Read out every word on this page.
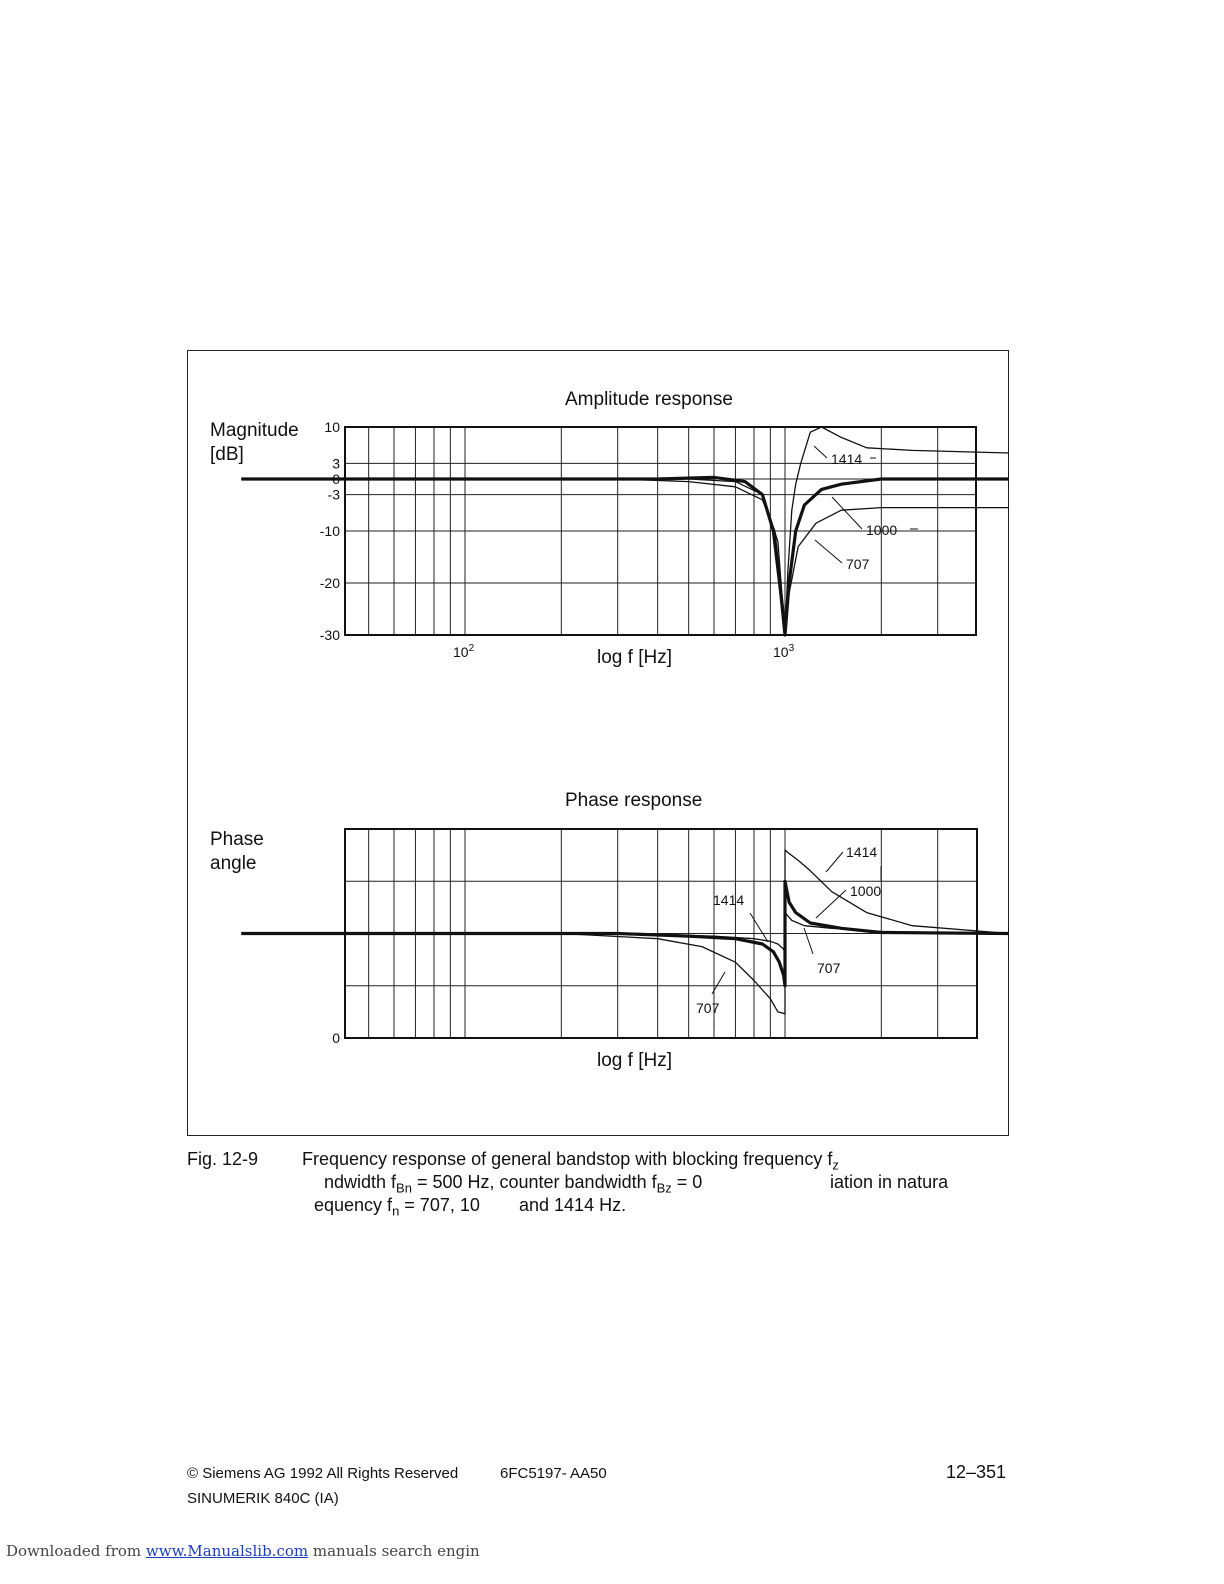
1414
1000
707
10
3
0
-3
-10
-20
-30
$10^2$	$10^3$
1414
1000
1414
707
707
0
Amplitude response
Magnitude [dB]
log f [Hz]
Phase response
Phase angle
log f [Hz]
Fig. 12-9 Frequency response of general bandstop with blocking frequency $f_z$
ndwidth $f_{Bn} = 500$ Hz, counter bandwidth $f_{Bz} = 0$	iation in natura
equency $f_n = 707$, 10 and 1414 Hz.
© Siemens AG 1992 All Rights Reserved	6FC5197- AA50
SINUMERIK 840C (IA)
12–351
Downloaded from www.Manualslib.com manuals search engin
